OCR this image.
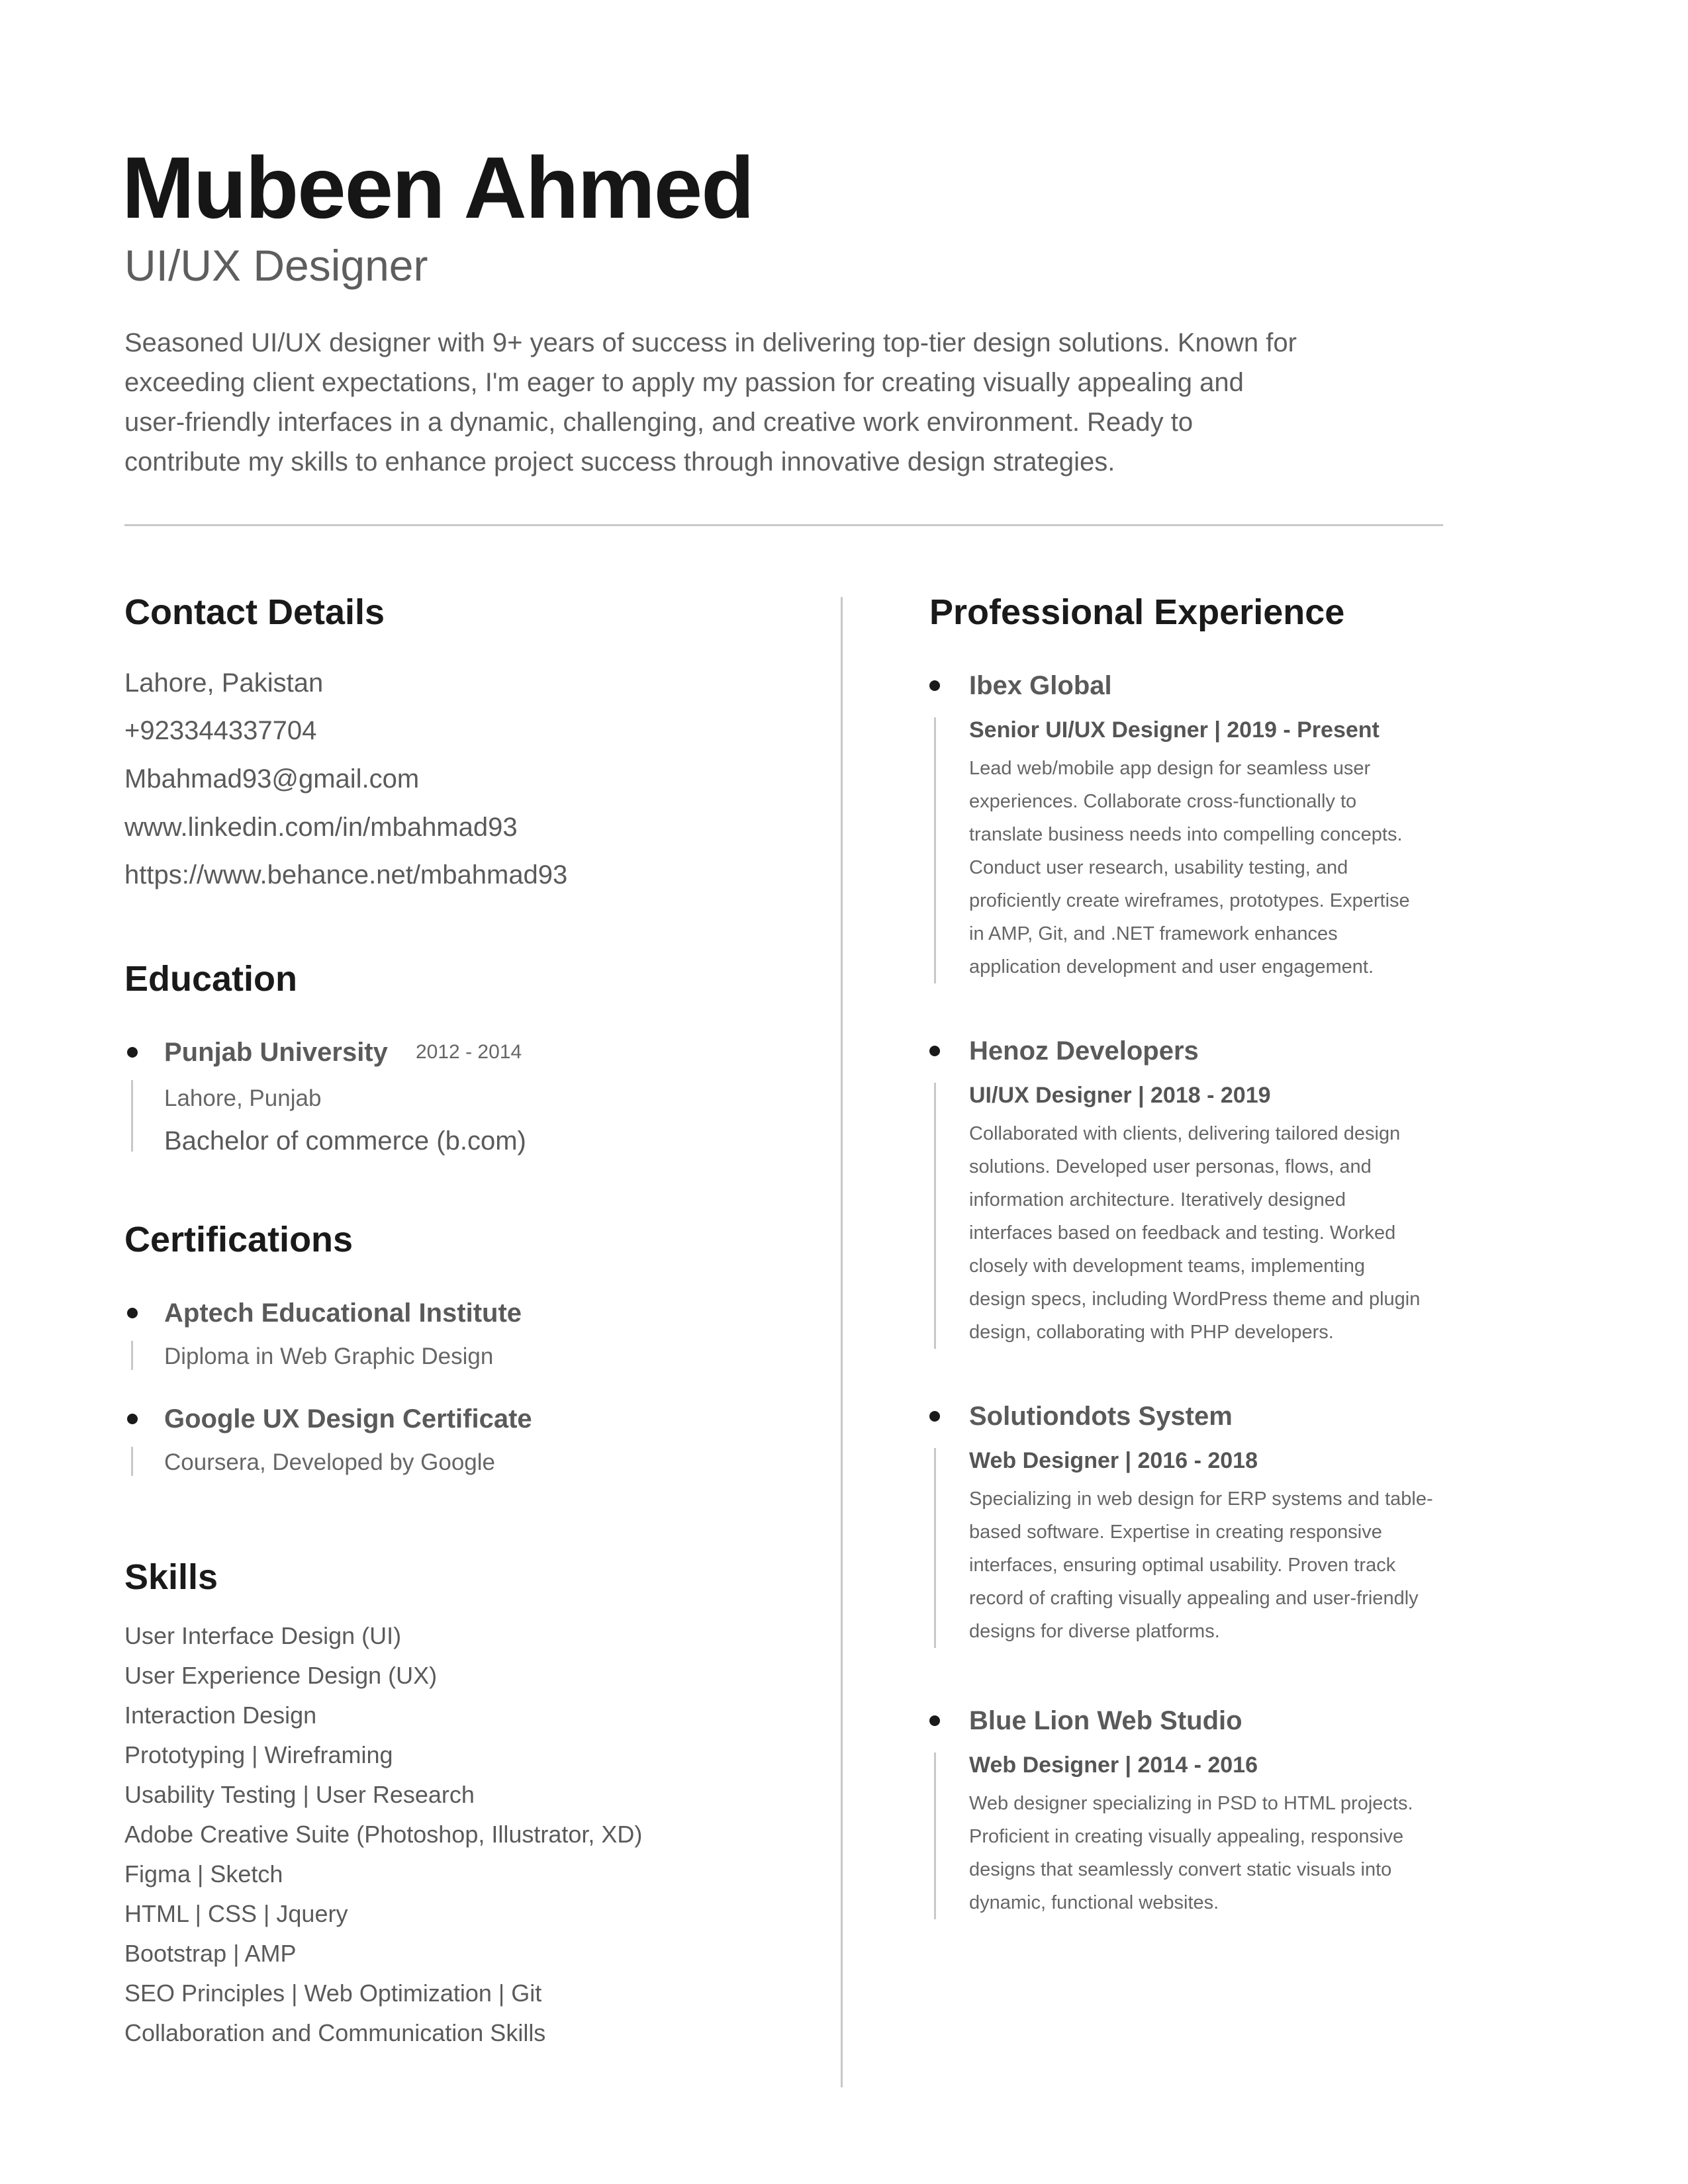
Mubeen Ahmed
UI/UX Designer
Seasoned UI/UX designer with 9+ years of success in delivering top-tier design solutions. Known for exceeding client expectations, I'm eager to apply my passion for creating visually appealing and user-friendly interfaces in a dynamic, challenging, and creative work environment. Ready to contribute my skills to enhance project success through innovative design strategies.
Contact Details
Lahore, Pakistan
+923344337704
Mbahmad93@gmail.com
www.linkedin.com/in/mbahmad93
https://www.behance.net/mbahmad93
Education
Punjab University 2012 - 2014
Lahore, Punjab
Bachelor of commerce (b.com)
Certifications
Aptech Educational Institute
Diploma in Web Graphic Design
Google UX Design Certificate
Coursera, Developed by Google
Skills
User Interface Design (UI)
User Experience Design (UX)
Interaction Design
Prototyping | Wireframing
Usability Testing | User Research
Adobe Creative Suite (Photoshop, Illustrator, XD)
Figma | Sketch
HTML | CSS | Jquery
Bootstrap | AMP
SEO Principles | Web Optimization | Git
Collaboration and Communication Skills
Professional Experience
Ibex Global
Senior UI/UX Designer | 2019 - Present
Lead web/mobile app design for seamless user
experiences. Collaborate cross-functionally to
translate business needs into compelling concepts.
Conduct user research, usability testing, and
proficiently create wireframes, prototypes. Expertise
in AMP, Git, and .NET framework enhances
application development and user engagement.
Henoz Developers
UI/UX Designer | 2018 - 2019
Collaborated with clients, delivering tailored design
solutions. Developed user personas, flows, and
information architecture. Iteratively designed
interfaces based on feedback and testing. Worked
closely with development teams, implementing
design specs, including WordPress theme and plugin
design, collaborating with PHP developers.
Solutiondots System
Web Designer | 2016 - 2018
Specializing in web design for ERP systems and table-
based software. Expertise in creating responsive
interfaces, ensuring optimal usability. Proven track
record of crafting visually appealing and user-friendly
designs for diverse platforms.
Blue Lion Web Studio
Web Designer | 2014 - 2016
Web designer specializing in PSD to HTML projects.
Proficient in creating visually appealing, responsive
designs that seamlessly convert static visuals into
dynamic, functional websites.
